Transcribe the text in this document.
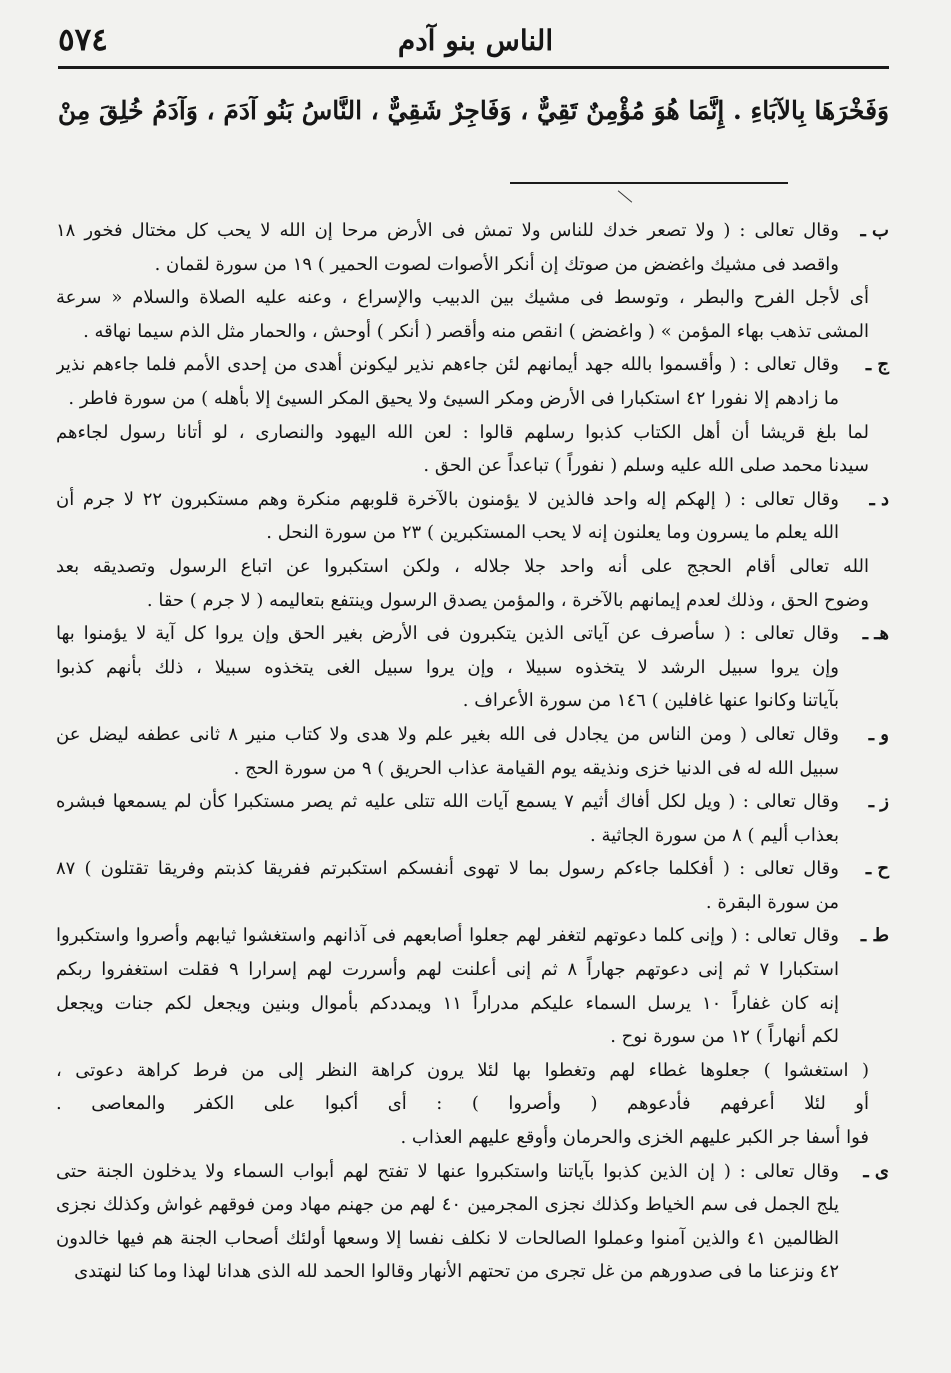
٥٧٤	الناس بنو آدم
وَفَخْرَهَا بِالآبَاءِ . إِنَّمَا هُوَ مُؤْمِنٌ تَقِيٌّ ، وَفَاجِرٌ شَقِيٌّ ، النَّاسُ بَنُو آدَمَ ، وَآدَمُ خُلِقَ مِنْ
ب ـ
وقال تعالى : ( ولا تصعر خدك للناس ولا تمش فى الأرض مرحا إن الله لا يحب كل مختال فخور ١٨
واقصد فى مشيك واغضض من صوتك إن أنكر الأصوات لصوت الحمير ) ١٩ من سورة لقمان .
أى لأجل الفرح والبطر ، وتوسط فى مشيك بين الدبيب والإسراع ، وعنه عليه الصلاة والسلام « سرعة
المشى تذهب بهاء المؤمن » ( واغضض ) انقص منه وأقصر ( أنكر ) أوحش ، والحمار مثل الذم سيما نهاقه .
ج ـ
وقال تعالى : ( وأقسموا بالله جهد أيمانهم لئن جاءهم نذير ليكونن أهدى من إحدى الأمم فلما جاءهم نذير
ما زادهم إلا نفورا ٤٢ استكبارا فى الأرض ومكر السيئ ولا يحيق المكر السيئ إلا بأهله ) من سورة فاطر .
لما بلغ قريشا أن أهل الكتاب كذبوا رسلهم قالوا : لعن الله اليهود والنصارى ، لو أتانا رسول لجاءهم
سيدنا محمد صلى الله عليه وسلم ( نفوراً ) تباعداً عن الحق .
د ـ
وقال تعالى : ( إلهكم إله واحد فالذين لا يؤمنون بالآخرة قلوبهم منكرة وهم مستكبرون ٢٢ لا جرم أن
الله يعلم ما يسرون وما يعلنون إنه لا يحب المستكبرين ) ٢٣ من سورة النحل .
الله تعالى أقام الحجج على أنه واحد جلا جلاله ، ولكن استكبروا عن اتباع الرسول وتصديقه بعد
وضوح الحق ، وذلك لعدم إيمانهم بالآخرة ، والمؤمن يصدق الرسول وينتفع بتعاليمه ( لا جرم ) حقا .
هـ ـ
وقال تعالى : ( سأصرف عن آياتى الذين يتكبرون فى الأرض بغير الحق وإن يروا كل آية لا يؤمنوا بها
وإن يروا سبيل الرشد لا يتخذوه سبيلا ، وإن يروا سبيل الغى يتخذوه سبيلا ، ذلك بأنهم كذبوا
بآياتنا وكانوا عنها غافلين ) ١٤٦ من سورة الأعراف .
و ـ
وقال تعالى ( ومن الناس من يجادل فى الله بغير علم ولا هدى ولا كتاب منير ٨ ثانى عطفه ليضل عن
سبيل الله له فى الدنيا خزى ونذيقه يوم القيامة عذاب الحريق ) ٩ من سورة الحج .
ز ـ
وقال تعالى : ( ويل لكل أفاك أثيم ٧ يسمع آيات الله تتلى عليه ثم يصر مستكبرا كأن لم يسمعها فبشره
بعذاب أليم ) ٨ من سورة الجاثية .
ح ـ
وقال تعالى : ( أفكلما جاءكم رسول بما لا تهوى أنفسكم استكبرتم ففريقا كذبتم وفريقا تقتلون ) ٨٧
من سورة البقرة .
ط ـ
وقال تعالى : ( وإنى كلما دعوتهم لتغفر لهم جعلوا أصابعهم فى آذانهم واستغشوا ثيابهم وأصروا واستكبروا
استكبارا ٧ ثم إنى دعوتهم جهاراً ٨ ثم إنى أعلنت لهم وأسررت لهم إسرارا ٩ فقلت استغفروا ربكم
إنه كان غفاراً ١٠ يرسل السماء عليكم مدراراً ١١ ويمددكم بأموال وبنين ويجعل لكم جنات ويجعل
لكم أنهاراً ) ١٢ من سورة نوح .
( استغشوا ) جعلوها غطاء لهم وتغطوا بها لئلا يرون كراهة النظر إلى من فرط كراهة دعوتى ،
أو لئلا أعرفهم فأدعوهم ( وأصروا ) : أى أكبوا على الكفر والمعاصى .
فوا أسفا جر الكبر عليهم الخزى والحرمان وأوقع عليهم العذاب .
ى ـ
وقال تعالى : ( إن الذين كذبوا بآياتنا واستكبروا عنها لا تفتح لهم أبواب السماء ولا يدخلون الجنة حتى
يلج الجمل فى سم الخياط وكذلك نجزى المجرمين ٤٠ لهم من جهنم مهاد ومن فوقهم غواش وكذلك نجزى
الظالمين ٤١ والذين آمنوا وعملوا الصالحات لا نكلف نفسا إلا وسعها أولئك أصحاب الجنة هم فيها خالدون
٤٢ ونزعنا ما فى صدورهم من غل تجرى من تحتهم الأنهار وقالوا الحمد لله الذى هدانا لهذا وما كنا لنهتدى
